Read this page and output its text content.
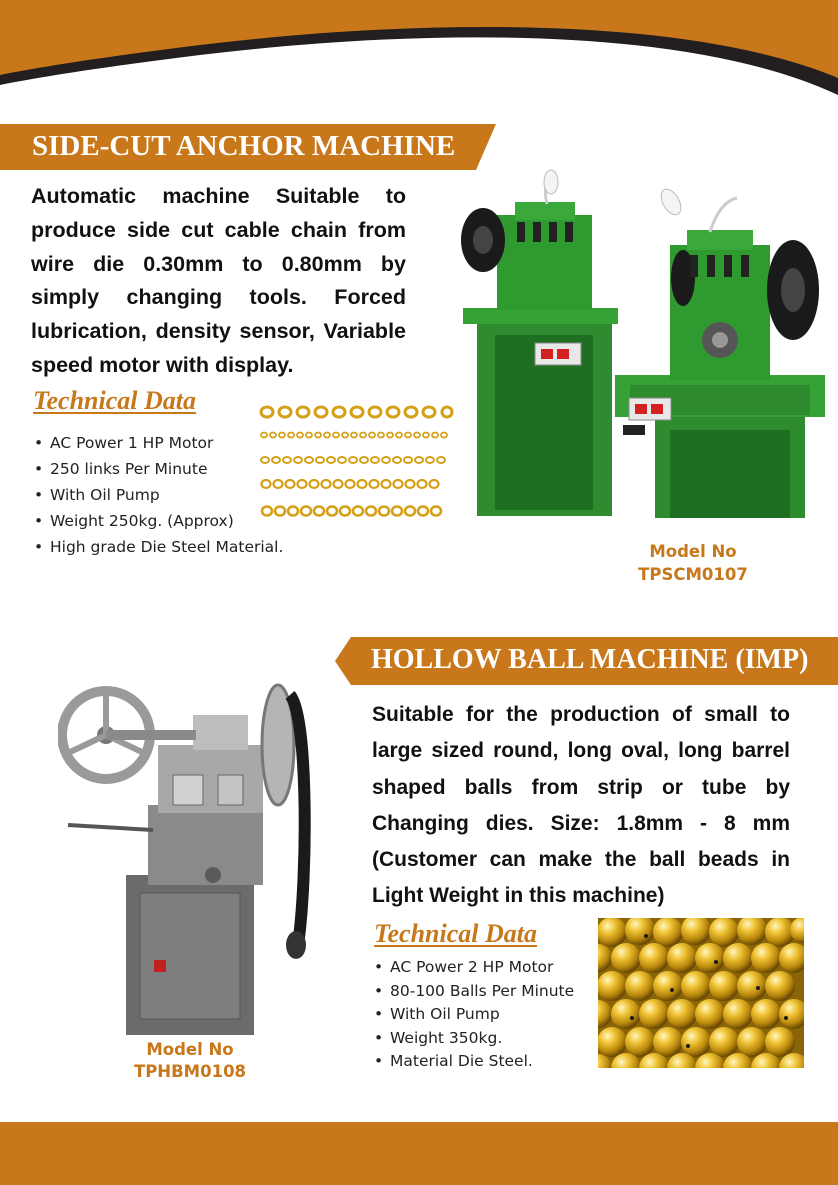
SIDE-CUT ANCHOR MACHINE
Automatic machine Suitable to produce side cut cable chain from wire die 0.30mm to 0.80mm by simply changing tools. Forced lubrication, density sensor, Variable speed motor with display.
Technical Data
• AC Power 1 HP Motor
• 250 links Per Minute
• With Oil Pump
• Weight 250kg. (Approx)
• High grade Die Steel Material.	Model No
TPSCM0107
HOLLOW BALL MACHINE (IMP)
Model No
TPHBM0108
Suitable for the production of small to large sized round, long oval, long barrel shaped balls from strip or tube by Changing dies. Size: 1.8mm - 8 mm (Customer can make the ball beads in Light Weight in this machine)
Technical Data
• AC Power 2 HP Motor
• 80-100 Balls Per Minute
• With Oil Pump
• Weight 350kg.
• Material Die Steel.
